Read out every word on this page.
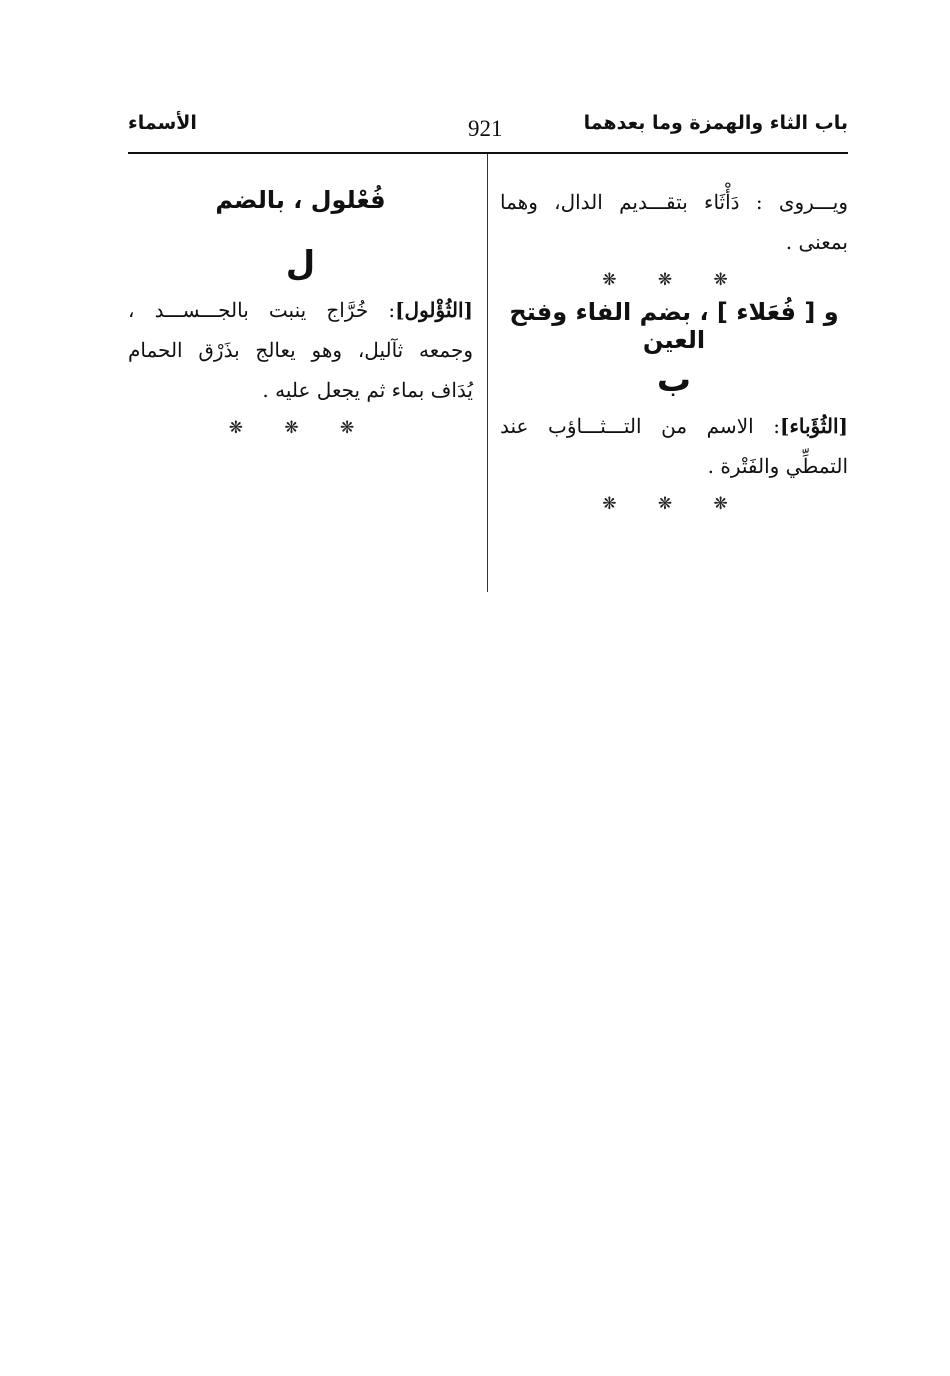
باب الثاء والهمزة وما بعدهما
921
الأسماء

ويـــروى : دَأْثَاء بتقـــديم الدال، وهما بمعنى .

❋ ❋ ❋
و [ فُعَلاء ] ، بضم الفاء وفتح العين
ب

[الثُؤَباء]: الاسم من التـــثـــاؤب عند التمطِّي والفَتْرة .

❋ ❋ ❋
فُعْلول ، بالضم
ل

[الثُؤْلول]: خُرَّاج ينبت بالجـــســـد ، وجمعه ثآليل، وهو يعالج بذَرْق الحمام يُدَاف بماء ثم يجعل عليه .

❋ ❋ ❋
